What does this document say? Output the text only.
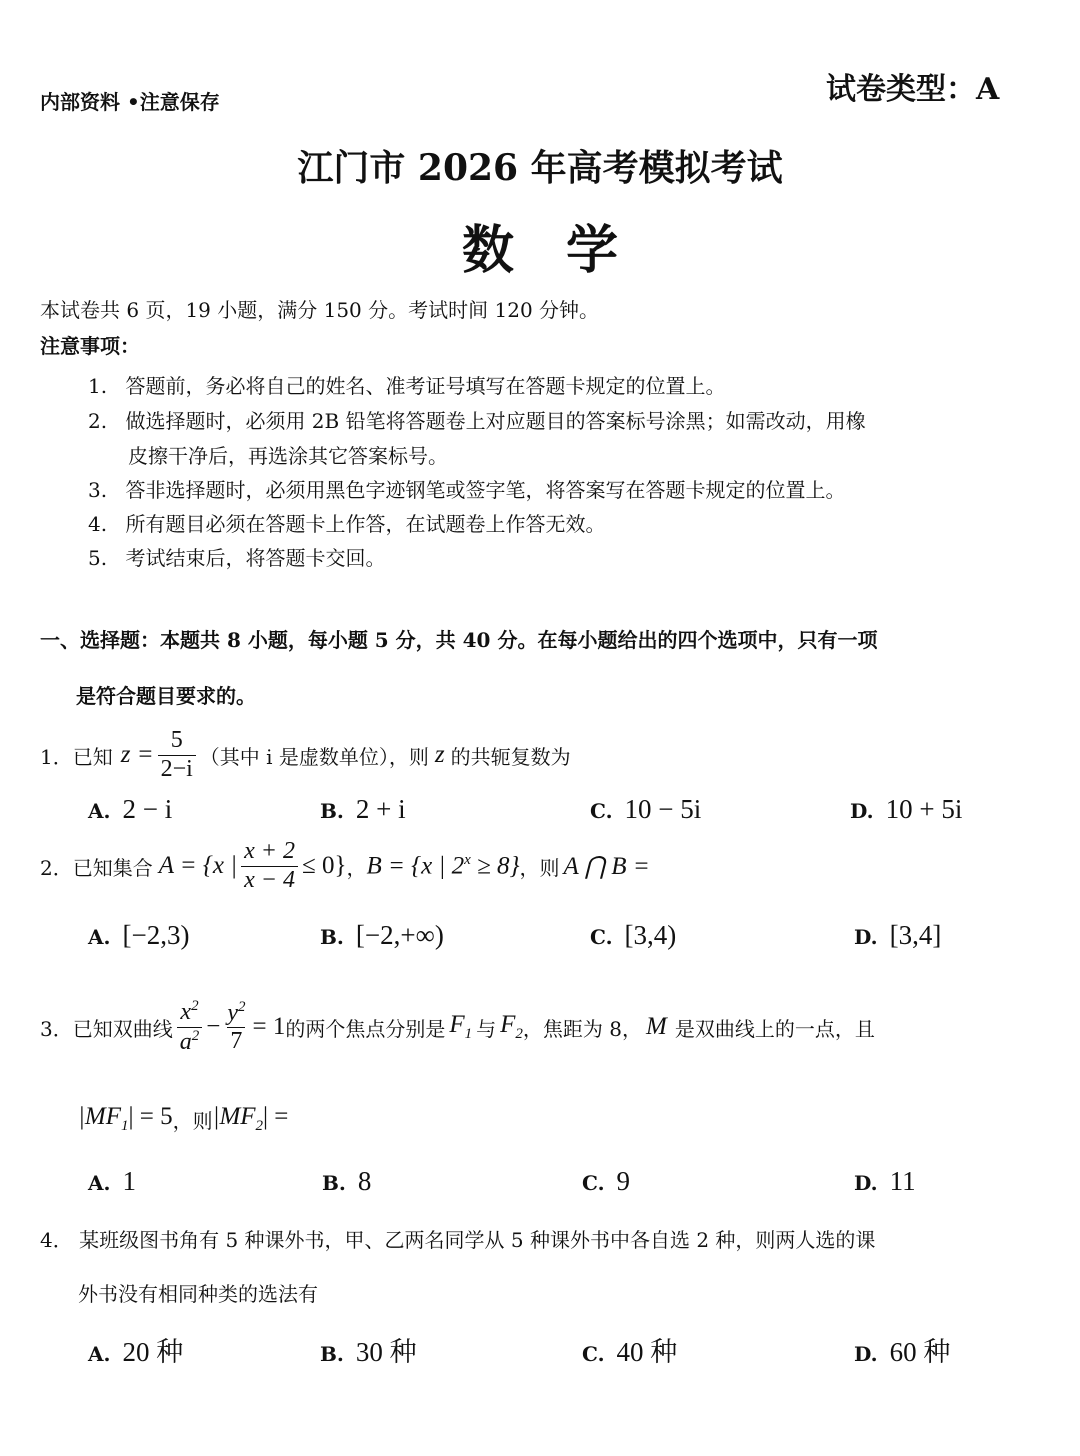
内部资料 •注意保存	试卷类型：A
江门市 2026 年高考模拟考试
数　学
本试卷共 6 页，19 小题，满分 150 分。考试时间 120 分钟。
注意事项：
1. 答题前，务必将自己的姓名、准考证号填写在答题卡规定的位置上。
2. 做选择题时，必须用 2B 铅笔将答题卷上对应题目的答案标号涂黑；如需改动，用橡
皮擦干净后，再选涂其它答案标号。
3. 答非选择题时，必须用黑色字迹钢笔或签字笔，将答案写在答题卡规定的位置上。
4. 所有题目必须在答题卡上作答，在试题卷上作答无效。
5. 考试结束后，将答题卡交回。
一、选择题：本题共 8 小题，每小题 5 分，共 40 分。在每小题给出的四个选项中，只有一项
是符合题目要求的。
1． 已知 $z = \frac{5}{2-i}$ （其中 i 是虚数单位），则 z 的共轭复数为
A. 2 − i	B. 2 + i	C. 10 − 5i	D. 10 + 5i
2． 已知集合 A = {x | $\frac{x + 2}{x - 4} \le 0$} ， B = {x | $2^x \ge 8$} ，则 A ⋂ B =
A. [−2,3)	B. [−2,+∞)	C. [3,4)	D. [3,4]
3． 已知双曲线 $\frac{x^2}{a^2} - \frac{y^2}{7} = 1$ 的两个焦点分别是 $F_1$ 与 $F_2$ ，焦距为 8， M 是双曲线上的一点，且
$|MF_1| = 5$ ，则 $|MF_2|$ =
A. 1	B. 8	C. 9	D. 11
4． 某班级图书角有 5 种课外书，甲、乙两名同学从 5 种课外书中各自选 2 种，则两人选的课
外书没有相同种类的选法有
A. 20 种	B. 30 种	C. 40 种	D. 60 种
